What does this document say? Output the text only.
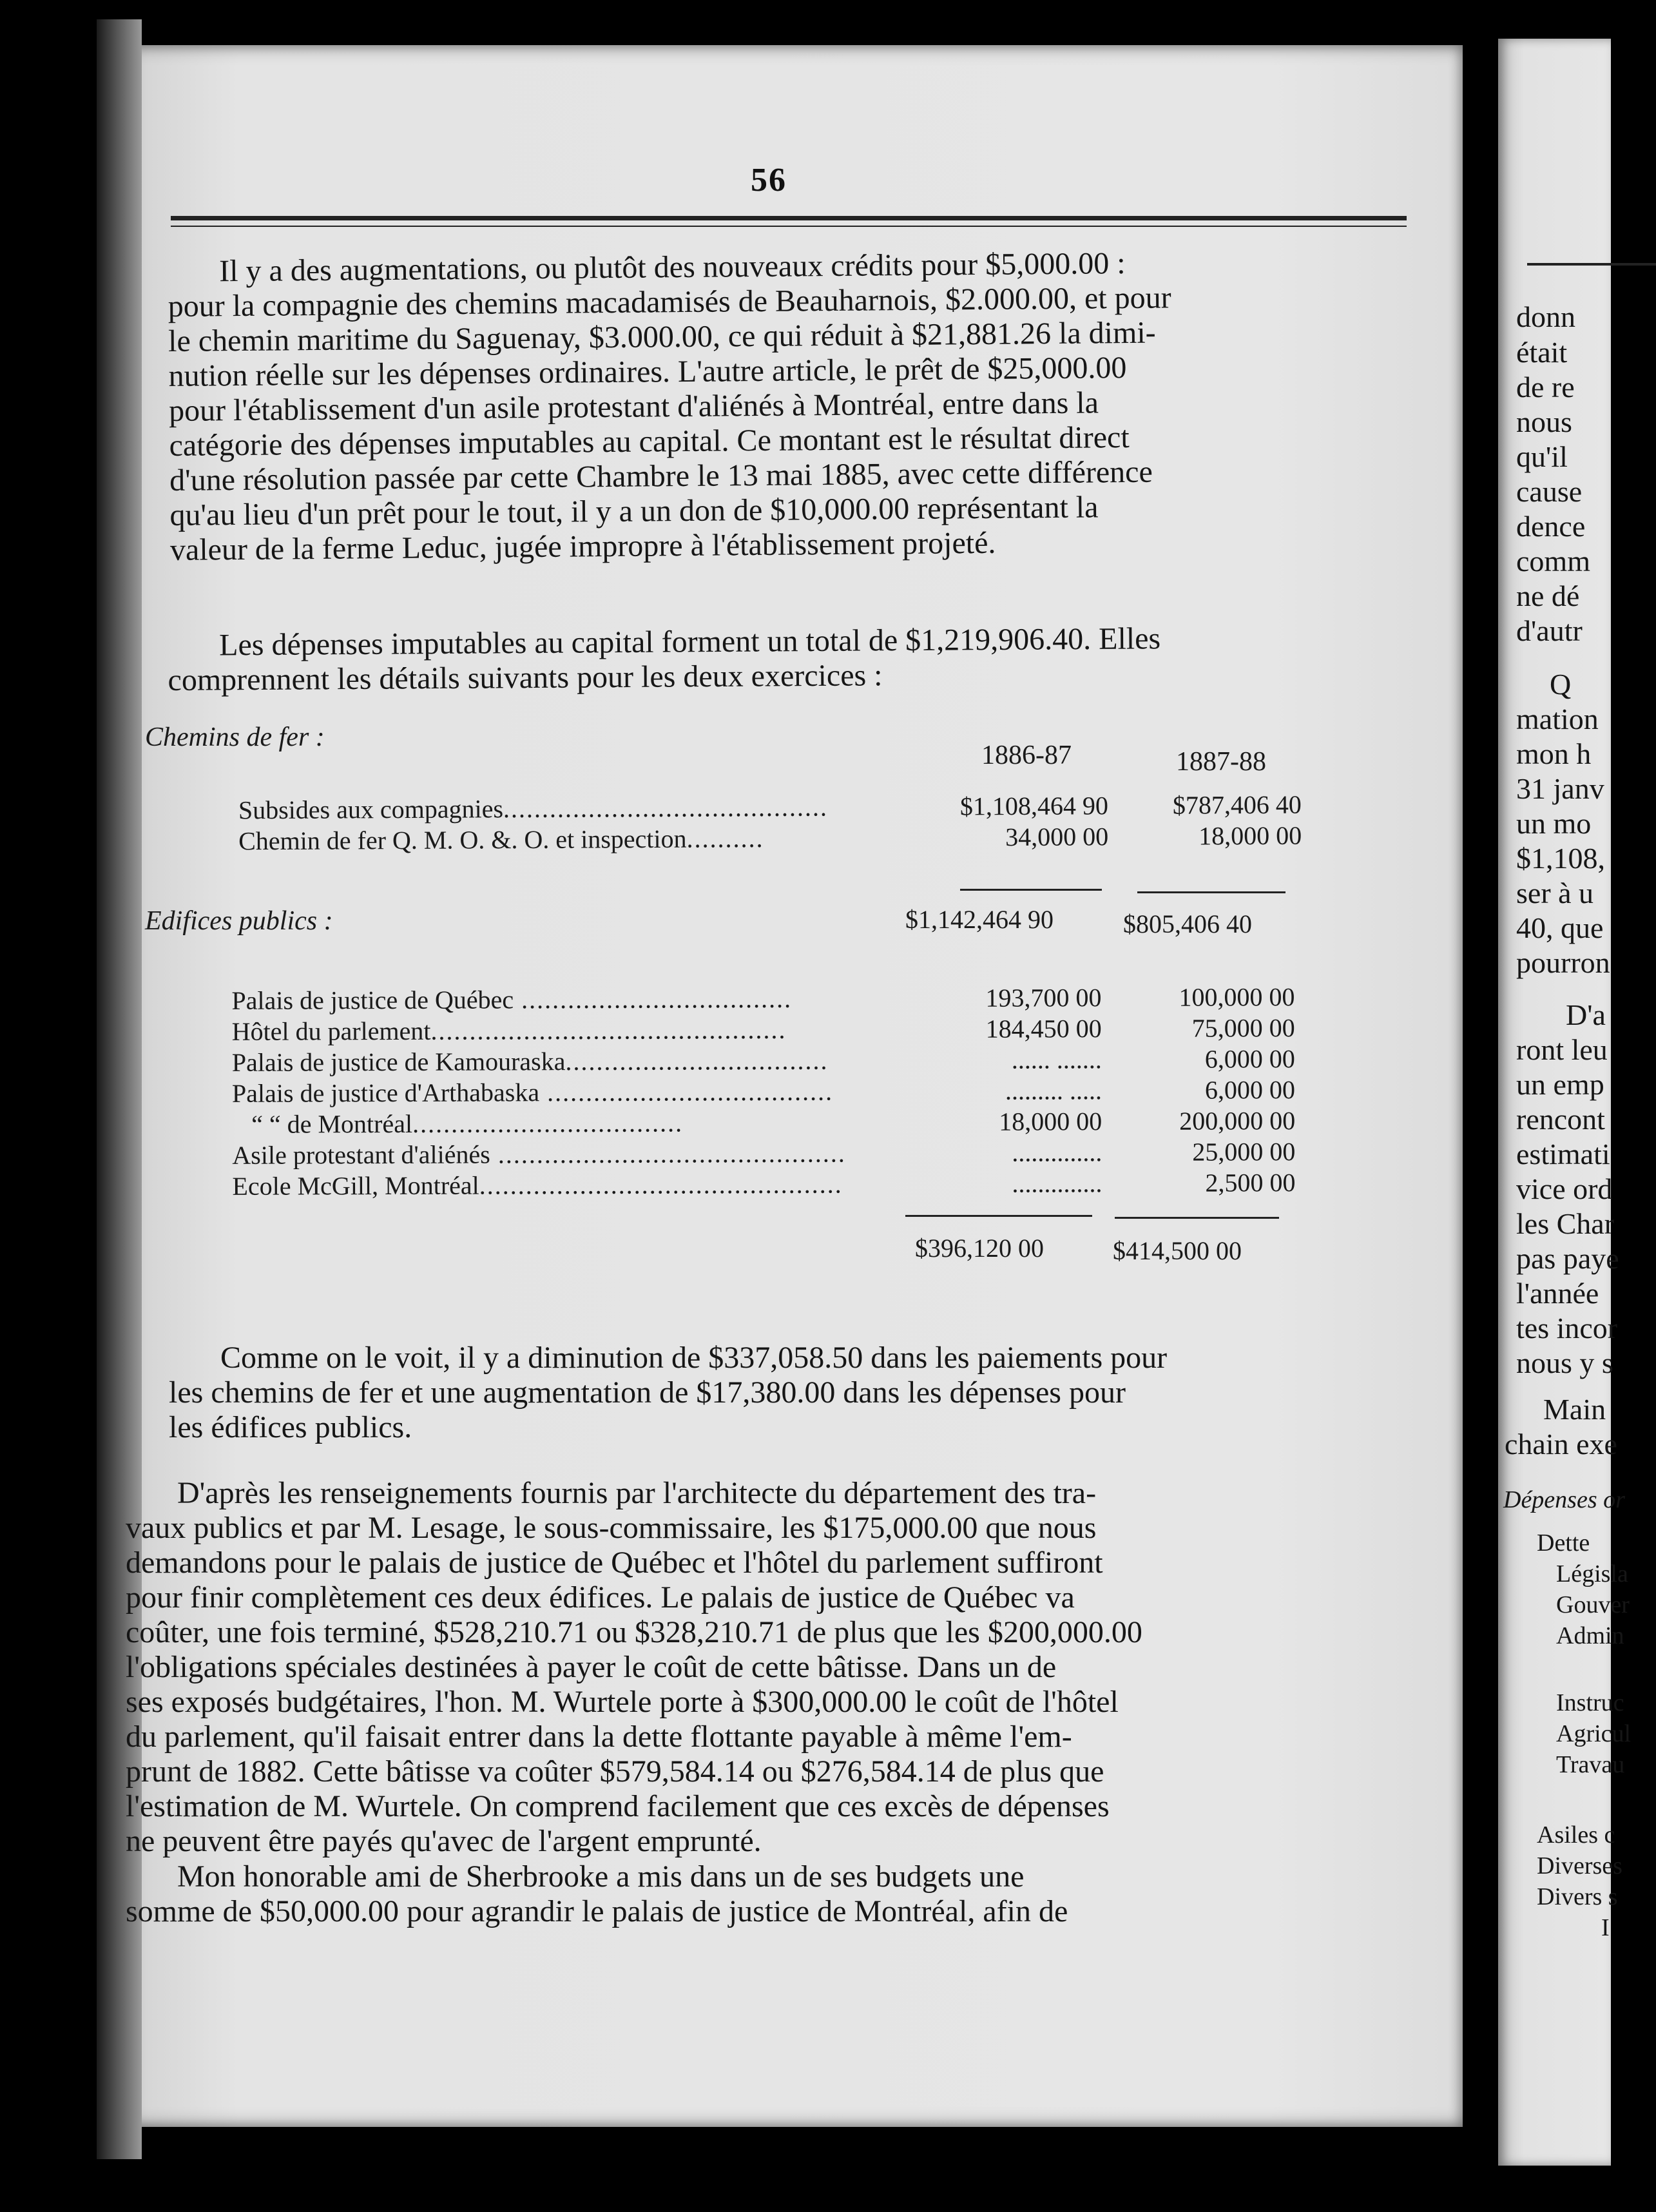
56
Il y a des augmentations, ou plutôt des nouveaux crédits pour $5,000.00 :
pour la compagnie des chemins macadamisés de Beauharnois, $2.000.00, et pour
le chemin maritime du Saguenay, $3.000.00, ce qui réduit à $21,881.26 la dimi-
nution réelle sur les dépenses ordinaires. L'autre article, le prêt de $25,000.00
pour l'établissement d'un asile protestant d'aliénés à Montréal, entre dans la
catégorie des dépenses imputables au capital. Ce montant est le résultat direct
d'une résolution passée par cette Chambre le 13 mai 1885, avec cette différence
qu'au lieu d'un prêt pour le tout, il y a un don de $10,000.00 représentant la
valeur de la ferme Leduc, jugée impropre à l'établissement projeté.
Les dépenses imputables au capital forment un total de $1,219,906.40. Elles
comprennent les détails suivants pour les deux exercices :
Chemins de fer :
1886-87	1887-88
Subsides aux compagnies..........................................	$1,108,464 90	$787,406 40
Chemin de fer Q. M. O. &. O. et inspection..........	34,000 00	18,000 00
$1,142,464 90	$805,406 40
Edifices publics :
Palais de justice de Québec ...................................	193,700 00	100,000 00
Hôtel du parlement..............................................	184,450 00	75,000 00
Palais de justice de Kamouraska..................................	...... .......	6,000 00
Palais de justice d'Arthabaska .....................................	......... .....	6,000 00
“ “ de Montréal...................................	18,000 00	200,000 00
Asile protestant d'aliénés .............................................	..............	25,000 00
Ecole McGill, Montréal...............................................	..............	2,500 00
$396,120 00	$414,500 00
Comme on le voit, il y a diminution de $337,058.50 dans les paiements pour
les chemins de fer et une augmentation de $17,380.00 dans les dépenses pour
les édifices publics.
D'après les renseignements fournis par l'architecte du département des tra-
vaux publics et par M. Lesage, le sous-commissaire, les $175,000.00 que nous
demandons pour le palais de justice de Québec et l'hôtel du parlement suffiront
pour finir complètement ces deux édifices. Le palais de justice de Québec va
coûter, une fois terminé, $528,210.71 ou $328,210.71 de plus que les $200,000.00
l'obligations spéciales destinées à payer le coût de cette bâtisse. Dans un de
ses exposés budgétaires, l'hon. M. Wurtele porte à $300,000.00 le coût de l'hôtel
du parlement, qu'il faisait entrer dans la dette flottante payable à même l'em-
prunt de 1882. Cette bâtisse va coûter $579,584.14 ou $276,584.14 de plus que
l'estimation de M. Wurtele. On comprend facilement que ces excès de dépenses
ne peuvent être payés qu'avec de l'argent emprunté.
Mon honorable ami de Sherbrooke a mis dans un de ses budgets une
somme de $50,000.00 pour agrandir le palais de justice de Montréal, afin de
donn
était
de re
nous
qu'il
cause
dence
comm
ne dé
d'autr
Q
mation
mon h
31 janv
un mo
$1,108,
ser à u
40, que
pourron
D'a
ront leu
un emp
rencont
estimati
vice ord
les Char
pas paye
l'année
tes incor
nous y s
Main
chain exe
Dépenses or
Dette
Législa
Gouver
Admin
Instruc
Agricul
Travau
Asiles c
Diverses
Divers s
I
